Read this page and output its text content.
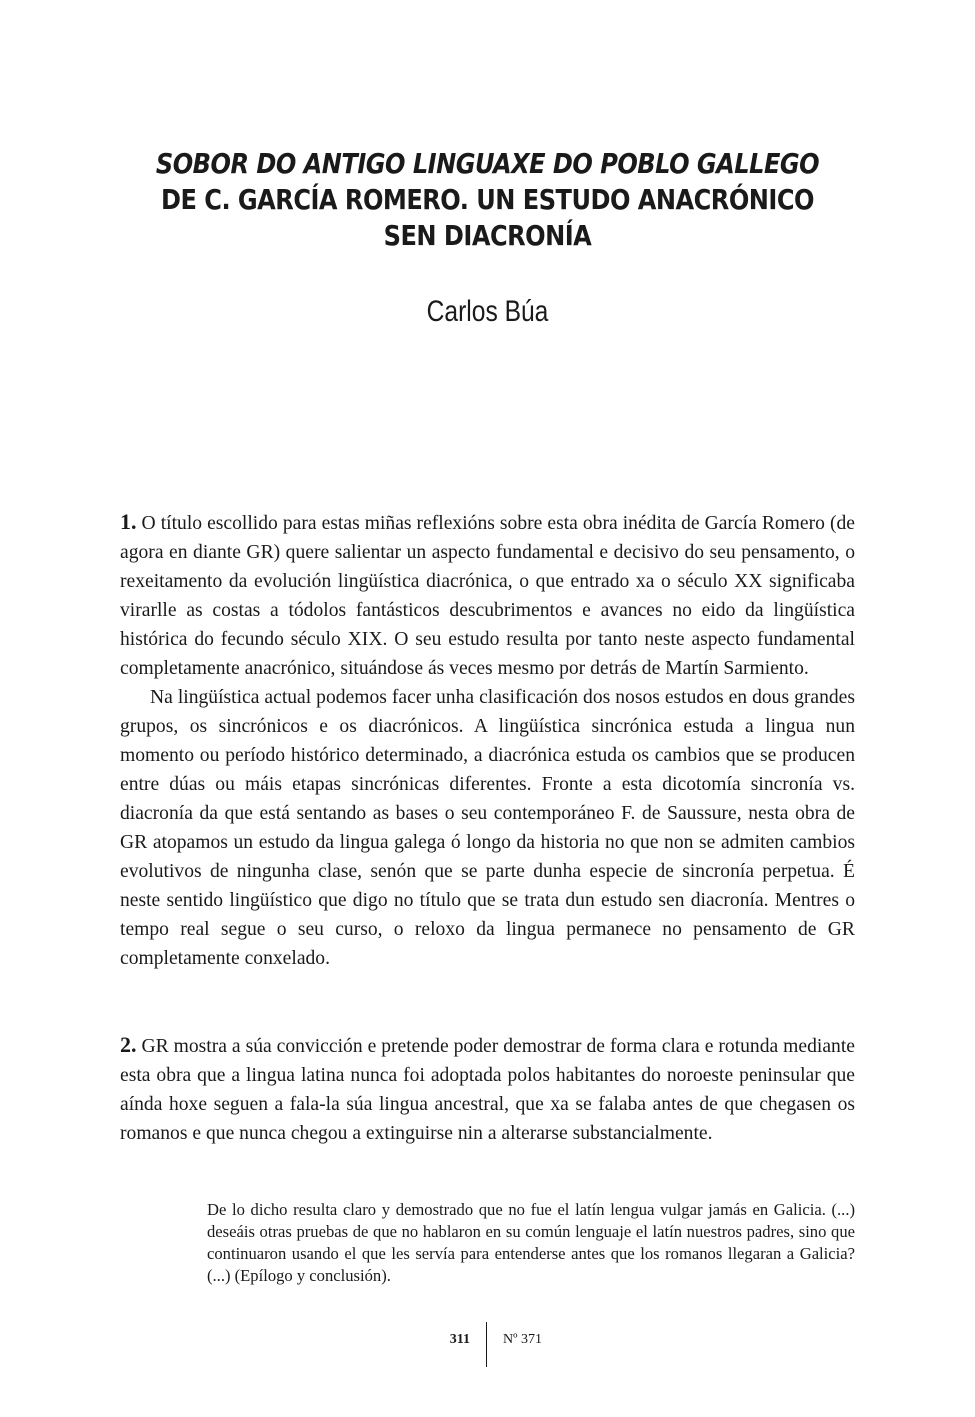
SOBOR DO ANTIGO LINGUAXE DO POBLO GALLEGO DE C. GARCÍA ROMERO. UN ESTUDO ANACRÓNICO SEN DIACRONÍA
Carlos Búa

1. O título escollido para estas miñas reflexións sobre esta obra inédita de García Romero (de agora en diante GR) quere salientar un aspecto fundamental e decisivo do seu pensamento, o rexeitamento da evolución lingüística diacrónica, o que entrado xa o século XX significaba virarlle as costas a tódolos fantásticos descubrimentos e avances no eido da lingüística histórica do fecundo século XIX. O seu estudo resulta por tanto neste aspecto fundamental completamente anacrónico, situándose ás veces mesmo por detrás de Martín Sarmiento.

Na lingüística actual podemos facer unha clasificación dos nosos estudos en dous grandes grupos, os sincrónicos e os diacrónicos. A lingüística sincrónica estuda a lingua nun momento ou período histórico determinado, a diacrónica estuda os cambios que se producen entre dúas ou máis etapas sincrónicas diferentes. Fronte a esta dicotomía sincronía vs. diacronía da que está sentando as bases o seu contemporáneo F. de Saussure, nesta obra de GR atopamos un estudo da lingua galega ó longo da historia no que non se admiten cambios evolutivos de ningunha clase, senón que se parte dunha especie de sincronía perpetua. É neste sentido lingüístico que digo no título que se trata dun estudo sen diacronía. Mentres o tempo real segue o seu curso, o reloxo da lingua permanece no pensamento de GR completamente conxelado.

2. GR mostra a súa convicción e pretende poder demostrar de forma clara e rotunda mediante esta obra que a lingua latina nunca foi adoptada polos habitantes do noroeste peninsular que aínda hoxe seguen a fala-la súa lingua ancestral, que xa se falaba antes de que chegasen os romanos e que nunca chegou a extinguirse nin a alterarse substancialmente.

De lo dicho resulta claro y demostrado que no fue el latín lengua vulgar jamás en Galicia. (...) deseáis otras pruebas de que no hablaron en su común lenguaje el latín nuestros padres, sino que continuaron usando el que les servía para entenderse antes que los romanos llegaran a Galicia? (...) (Epílogo y conclusión).
311 Nº 371
